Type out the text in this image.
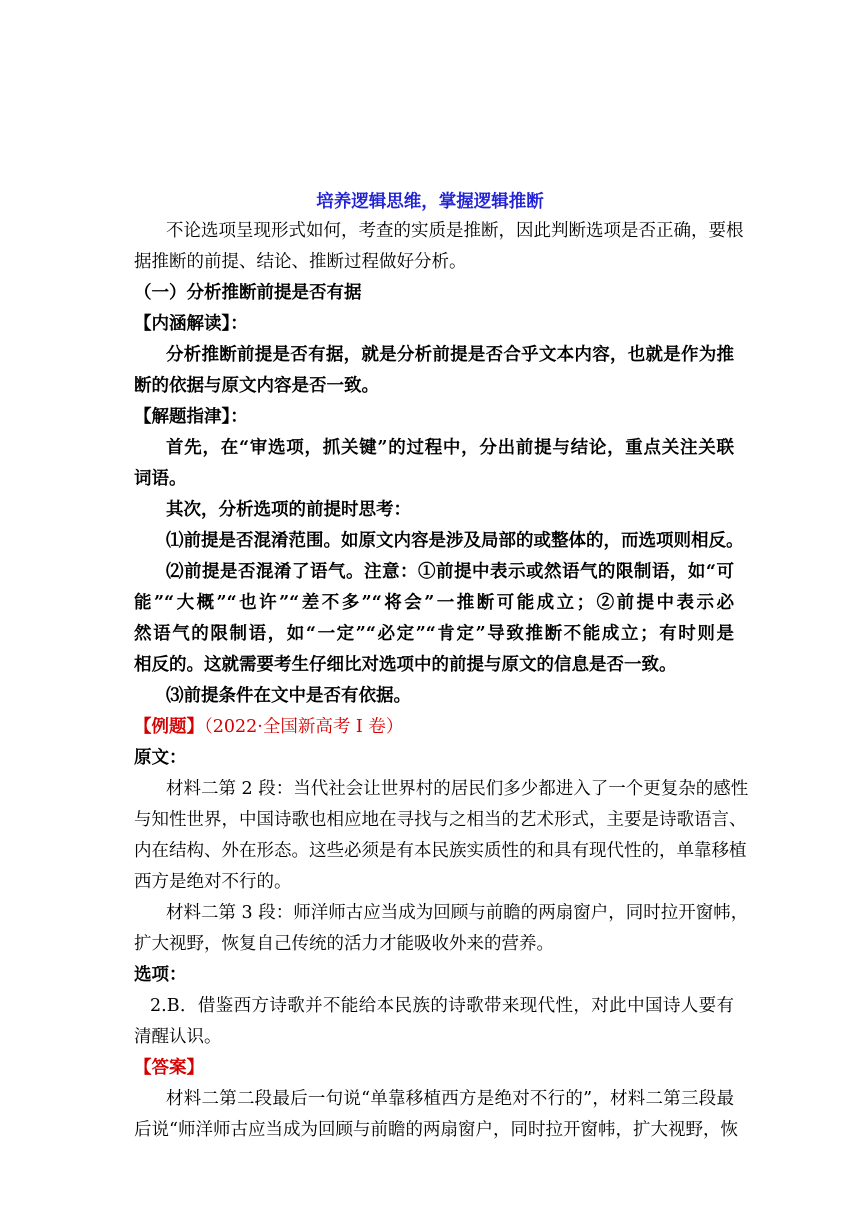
培养逻辑思维，掌握逻辑推断
不论选项呈现形式如何，考查的实质是推断，因此判断选项是否正确，要根
据推断的前提、结论、推断过程做好分析。
（一）分析推断前提是否有据
【内涵解读】：
分析推断前提是否有据，就是分析前提是否合乎文本内容，也就是作为推
断的依据与原文内容是否一致。
【解题指津】：
首先，在“审选项，抓关键”的过程中，分出前提与结论，重点关注关联
词语。
其次，分析选项的前提时思考：
⑴前提是否混淆范围。如原文内容是涉及局部的或整体的，而选项则相反。
⑵前提是否混淆了语气。注意：①前提中表示或然语气的限制语，如“可
能”“大概”“也许”“差不多”“将会”一推断可能成立；②前提中表示必
然语气的限制语，如“一定”“必定”“肯定”导致推断不能成立；有时则是
相反的。这就需要考生仔细比对选项中的前提与原文的信息是否一致。
⑶前提条件在文中是否有依据。
【例题】（2022·全国新高考 Ⅰ 卷）
原文：
材料二第 2 段：当代社会让世界村的居民们多少都进入了一个更复杂的感性
与知性世界，中国诗歌也相应地在寻找与之相当的艺术形式，主要是诗歌语言、
内在结构、外在形态。这些必须是有本民族实质性的和具有现代性的，单靠移植
西方是绝对不行的。
材料二第 3 段：师洋师古应当成为回顾与前瞻的两扇窗户，同时拉开窗帏，
扩大视野，恢复自己传统的活力才能吸收外来的营养。
选项：
2.B．借鉴西方诗歌并不能给本民族的诗歌带来现代性，对此中国诗人要有
清醒认识。
【答案】
材料二第二段最后一句说“单靠移植西方是绝对不行的”，材料二第三段最
后说“师洋师古应当成为回顾与前瞻的两扇窗户，同时拉开窗帏，扩大视野，恢
